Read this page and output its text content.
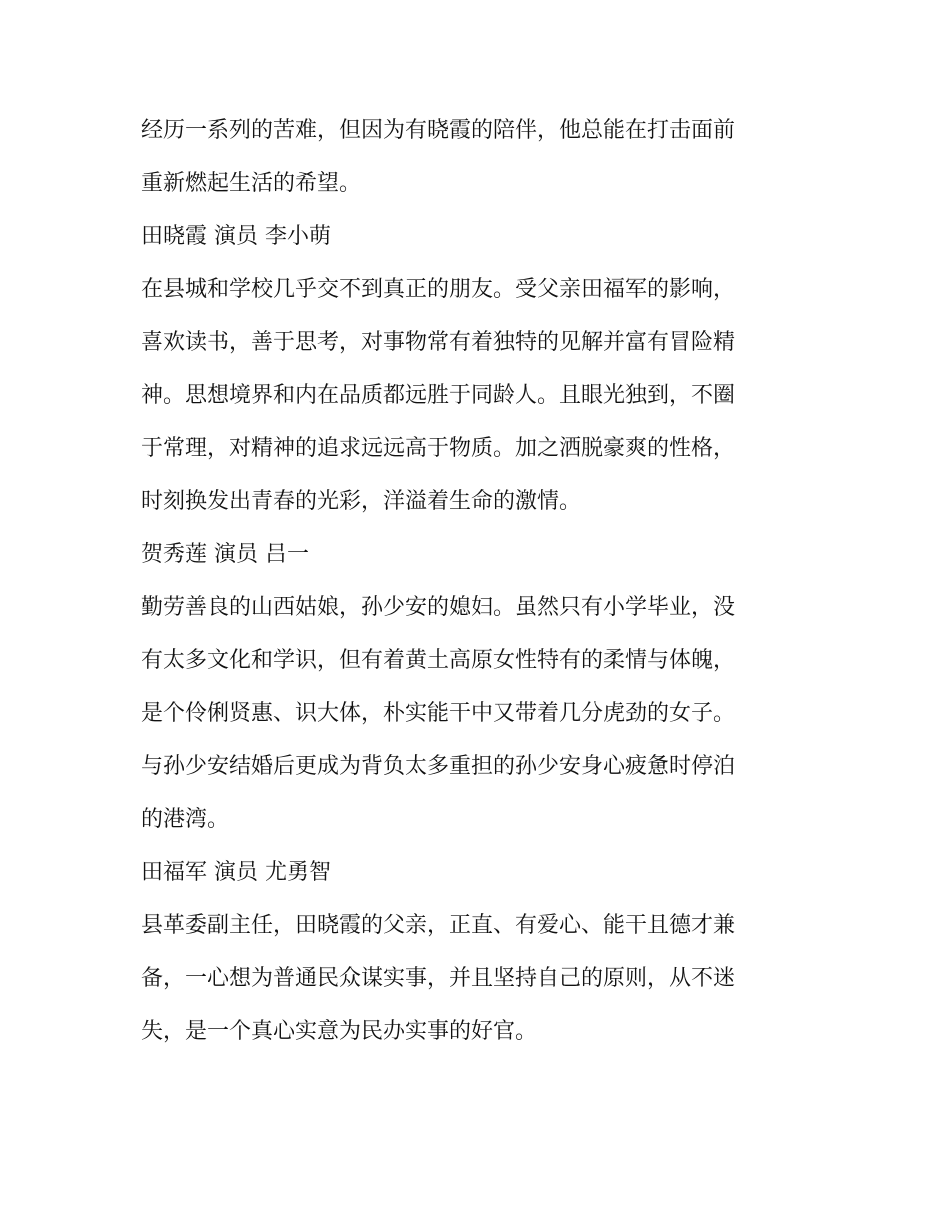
经历一系列的苦难，但因为有晓霞的陪伴，他总能在打击面前
重新燃起生活的希望。
田晓霞 演员 李小萌
在县城和学校几乎交不到真正的朋友。受父亲田福军的影响，
喜欢读书，善于思考，对事物常有着独特的见解并富有冒险精
神。思想境界和内在品质都远胜于同龄人。且眼光独到，不圈
于常理，对精神的追求远远高于物质。加之洒脱豪爽的性格，
时刻换发出青春的光彩，洋溢着生命的激情。
贺秀莲 演员 吕一
勤劳善良的山西姑娘，孙少安的媳妇。虽然只有小学毕业，没
有太多文化和学识，但有着黄土高原女性特有的柔情与体魄，
是个伶俐贤惠、识大体，朴实能干中又带着几分虎劲的女子。
与孙少安结婚后更成为背负太多重担的孙少安身心疲惫时停泊
的港湾。
田福军 演员 尤勇智
县革委副主任，田晓霞的父亲，正直、有爱心、能干且德才兼
备，一心想为普通民众谋实事，并且坚持自己的原则，从不迷
失，是一个真心实意为民办实事的好官。
